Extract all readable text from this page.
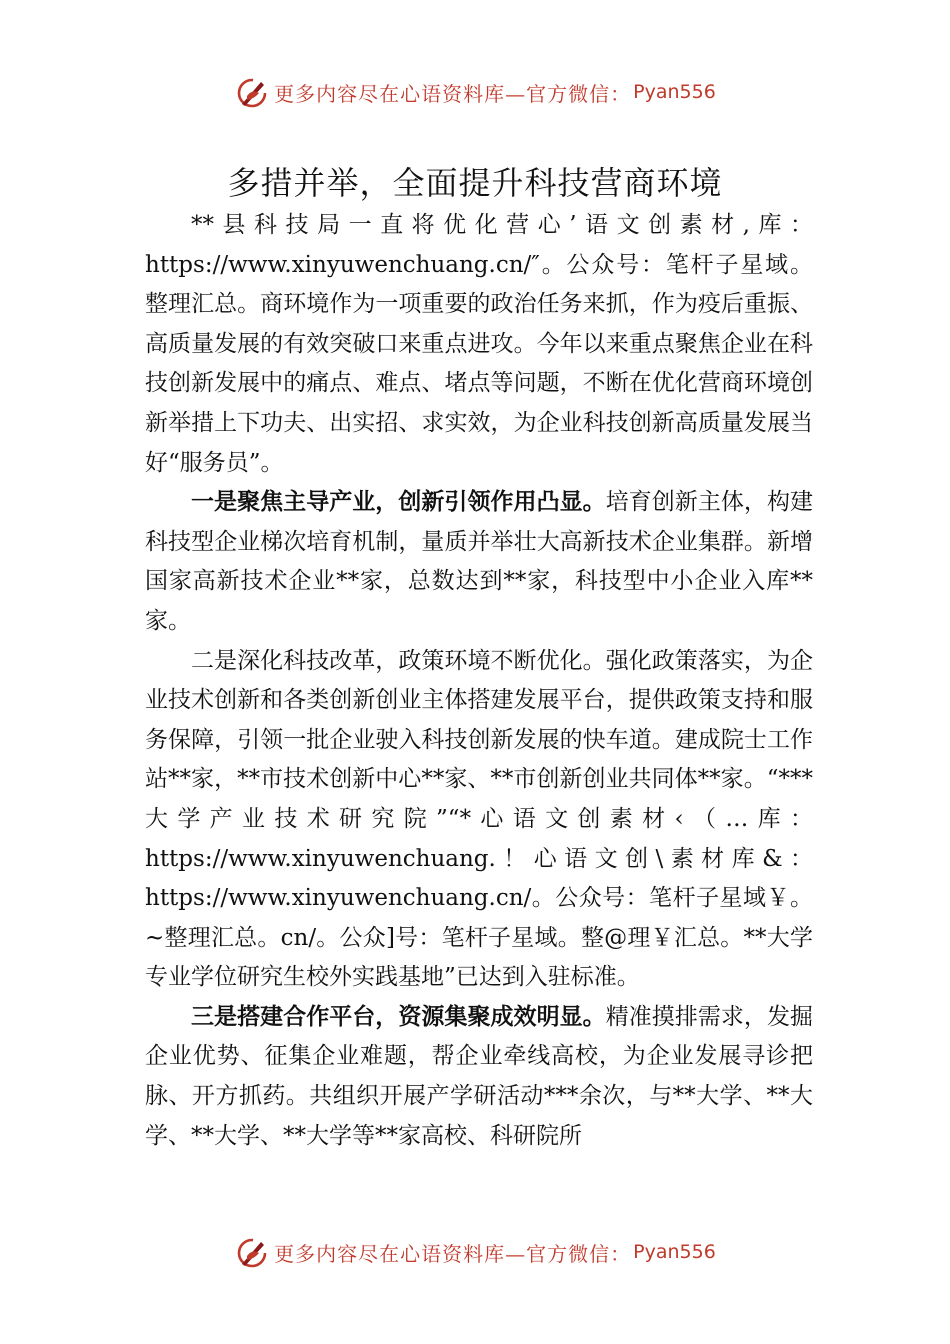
更多内容尽在心语资料库—官方微信： Pyan556
多措并举，全面提升科技营商环境

**县科技局一直将优化营心’语文创素材,库：https://www.xinyuwenchuang.cn/″。公众号：笔杆子星域。整理汇总。商环境作为一项重要的政治任务来抓，作为疫后重振、高质量发展的有效突破口来重点进攻。今年以来重点聚焦企业在科技创新发展中的痛点、难点、堵点等问题，不断在优化营商环境创新举措上下功夫、出实招、求实效，为企业科技创新高质量发展当好“服务员”。

一是聚焦主导产业，创新引领作用凸显。培育创新主体，构建科技型企业梯次培育机制，量质并举壮大高新技术企业集群。新增国家高新技术企业**家，总数达到**家，科技型中小企业入库**家。

二是深化科技改革，政策环境不断优化。强化政策落实，为企业技术创新和各类创新创业主体搭建发展平台，提供政策支持和服务保障，引领一批企业驶入科技创新发展的快车道。建成院士工作站**家，**市技术创新中心**家、**市创新创业共同体**家。“***大学产业技术研究院”“*心语文创素材‹（…库：https://www.xinyuwenchuang.！心语文创\素材库&：https://www.xinyuwenchuang.cn/。公众号：笔杆子星域￥。~整理汇总。cn/。公众]号：笔杆子星域。整@理￥汇总。**大学专业学位研究生校外实践基地”已达到入驻标准。

三是搭建合作平台，资源集聚成效明显。精准摸排需求，发掘企业优势、征集企业难题，帮企业牵线高校，为企业发展寻诊把脉、开方抓药。共组织开展产学研活动***余次，与**大学、**大学、**大学、**大学等**家高校、科研院所

更多内容尽在心语资料库—官方微信： Pyan556
